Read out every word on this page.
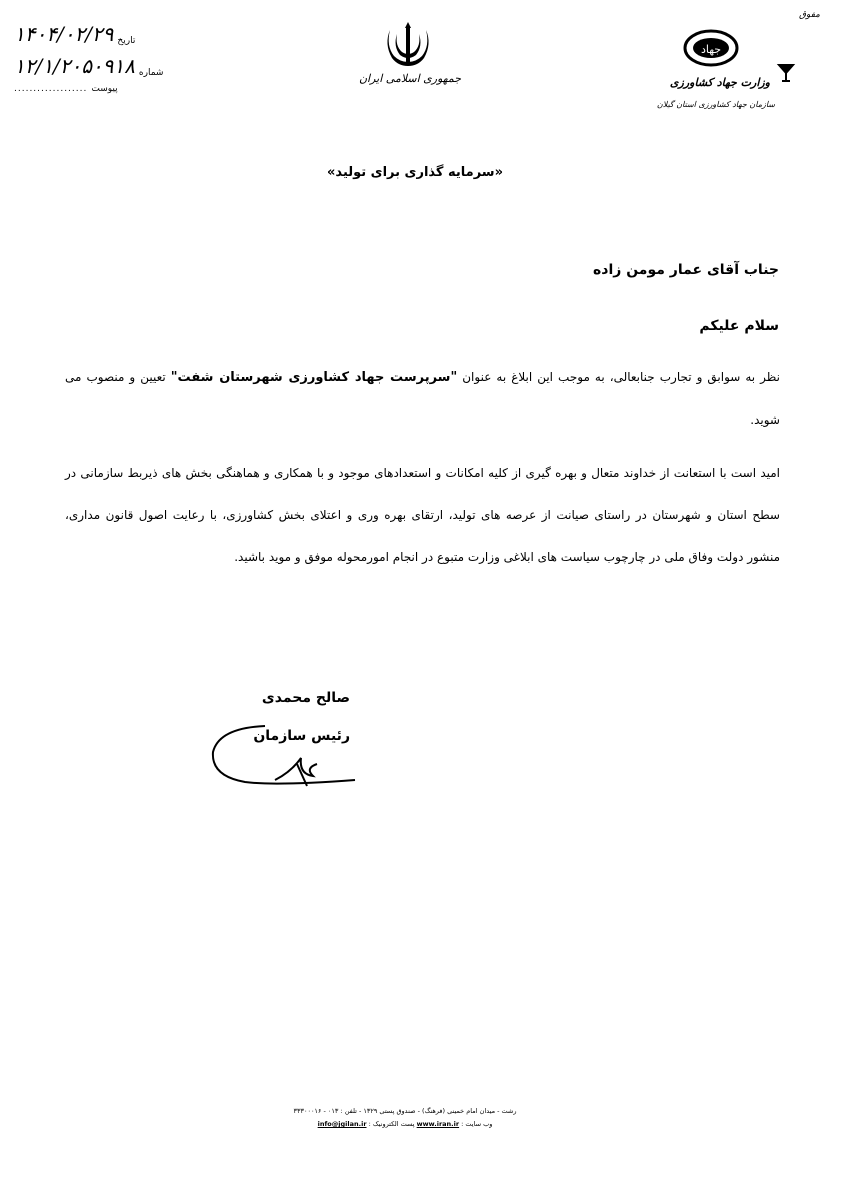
۱۴۰۴/۰۲/۲۹ تاریخ
۱۲/۱/۲۰۵۰۹۱۸ شماره
................... پیوست
جمهوری اسلامی ایران
جهاد
وزارت جهاد کشاورزی
سازمان جهاد کشاورزی استان گیلان
مفوق
«سرمایه گذاری برای تولید»
جناب آقای عمار مومن زاده
سلام علیکم
نظر به سوابق و تجارب جنابعالی، به موجب این ابلاغ به عنوان "سرپرست جهاد کشاورزی شهرستان شفت" تعیین و منصوب می شوید.
امید است با استعانت از خداوند متعال و بهره گیری از کلیه امکانات و استعدادهای موجود و با همکاری و هماهنگی بخش های ذیربط سازمانی در سطح استان و شهرستان در راستای صیانت از عرصه های تولید، ارتقای بهره وری و اعتلای بخش کشاورزی، با رعایت اصول قانون مداری، منشور دولت وفاق ملی در چارچوب سیاست های ابلاغی وزارت متبوع در انجام امورمحوله موفق و موید باشید.
صالح محمدی
رئیس سازمان
رشت - میدان امام خمینی (فرهنگ) - صندوق پستی ۱۳۲۹ - تلفن : ۰۱۳ - ۳۳۳۰۰۰۱۶
وب سایت : www.iran.ir پست الکترونیک : info@jgilan.ir
